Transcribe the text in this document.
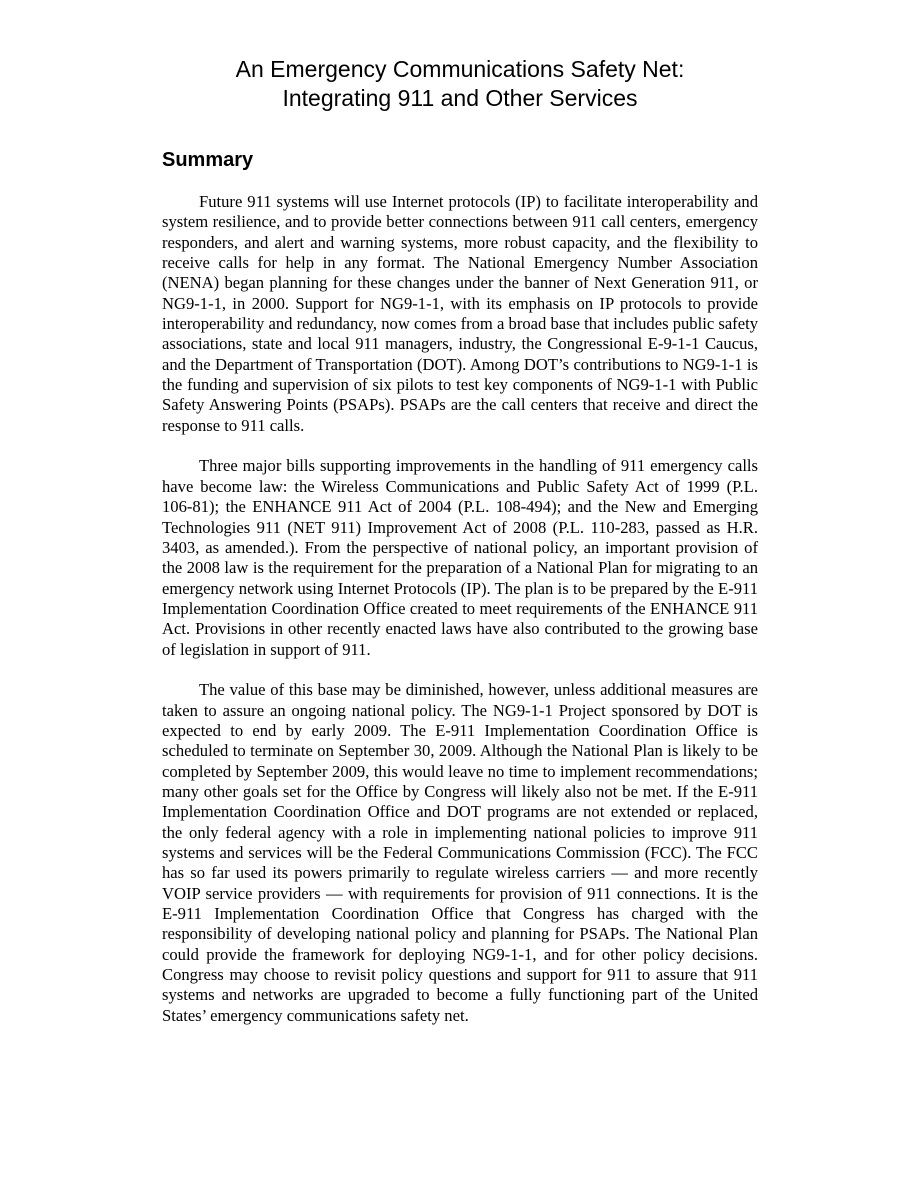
An Emergency Communications Safety Net:
Integrating 911 and Other Services
Summary

Future 911 systems will use Internet protocols (IP) to facilitate interoperability and system resilience, and to provide better connections between 911 call centers, emergency responders, and alert and warning systems, more robust capacity, and the flexibility to receive calls for help in any format. The National Emergency Number Association (NENA) began planning for these changes under the banner of Next Generation 911, or NG9-1-1, in 2000. Support for NG9-1-1, with its emphasis on IP protocols to provide interoperability and redundancy, now comes from a broad base that includes public safety associations, state and local 911 managers, industry, the Congressional E-9-1-1 Caucus, and the Department of Transportation (DOT). Among DOT’s contributions to NG9-1-1 is the funding and supervision of six pilots to test key components of NG9-1-1 with Public Safety Answering Points (PSAPs). PSAPs are the call centers that receive and direct the response to 911 calls.

Three major bills supporting improvements in the handling of 911 emergency calls have become law: the Wireless Communications and Public Safety Act of 1999 (P.L. 106-81); the ENHANCE 911 Act of 2004 (P.L. 108-494); and the New and Emerging Technologies 911 (NET 911) Improvement Act of 2008 (P.L. 110-283, passed as H.R. 3403, as amended.). From the perspective of national policy, an important provision of the 2008 law is the requirement for the preparation of a National Plan for migrating to an emergency network using Internet Protocols (IP). The plan is to be prepared by the E-911 Implementation Coordination Office created to meet requirements of the ENHANCE 911 Act. Provisions in other recently enacted laws have also contributed to the growing base of legislation in support of 911.

The value of this base may be diminished, however, unless additional measures are taken to assure an ongoing national policy. The NG9-1-1 Project sponsored by DOT is expected to end by early 2009. The E-911 Implementation Coordination Office is scheduled to terminate on September 30, 2009. Although the National Plan is likely to be completed by September 2009, this would leave no time to implement recommendations; many other goals set for the Office by Congress will likely also not be met. If the E-911 Implementation Coordination Office and DOT programs are not extended or replaced, the only federal agency with a role in implementing national policies to improve 911 systems and services will be the Federal Communications Commission (FCC). The FCC has so far used its powers primarily to regulate wireless carriers — and more recently VOIP service providers — with requirements for provision of 911 connections. It is the E-911 Implementation Coordination Office that Congress has charged with the responsibility of developing national policy and planning for PSAPs. The National Plan could provide the framework for deploying NG9-1-1, and for other policy decisions. Congress may choose to revisit policy questions and support for 911 to assure that 911 systems and networks are upgraded to become a fully functioning part of the United States’ emergency communications safety net.
